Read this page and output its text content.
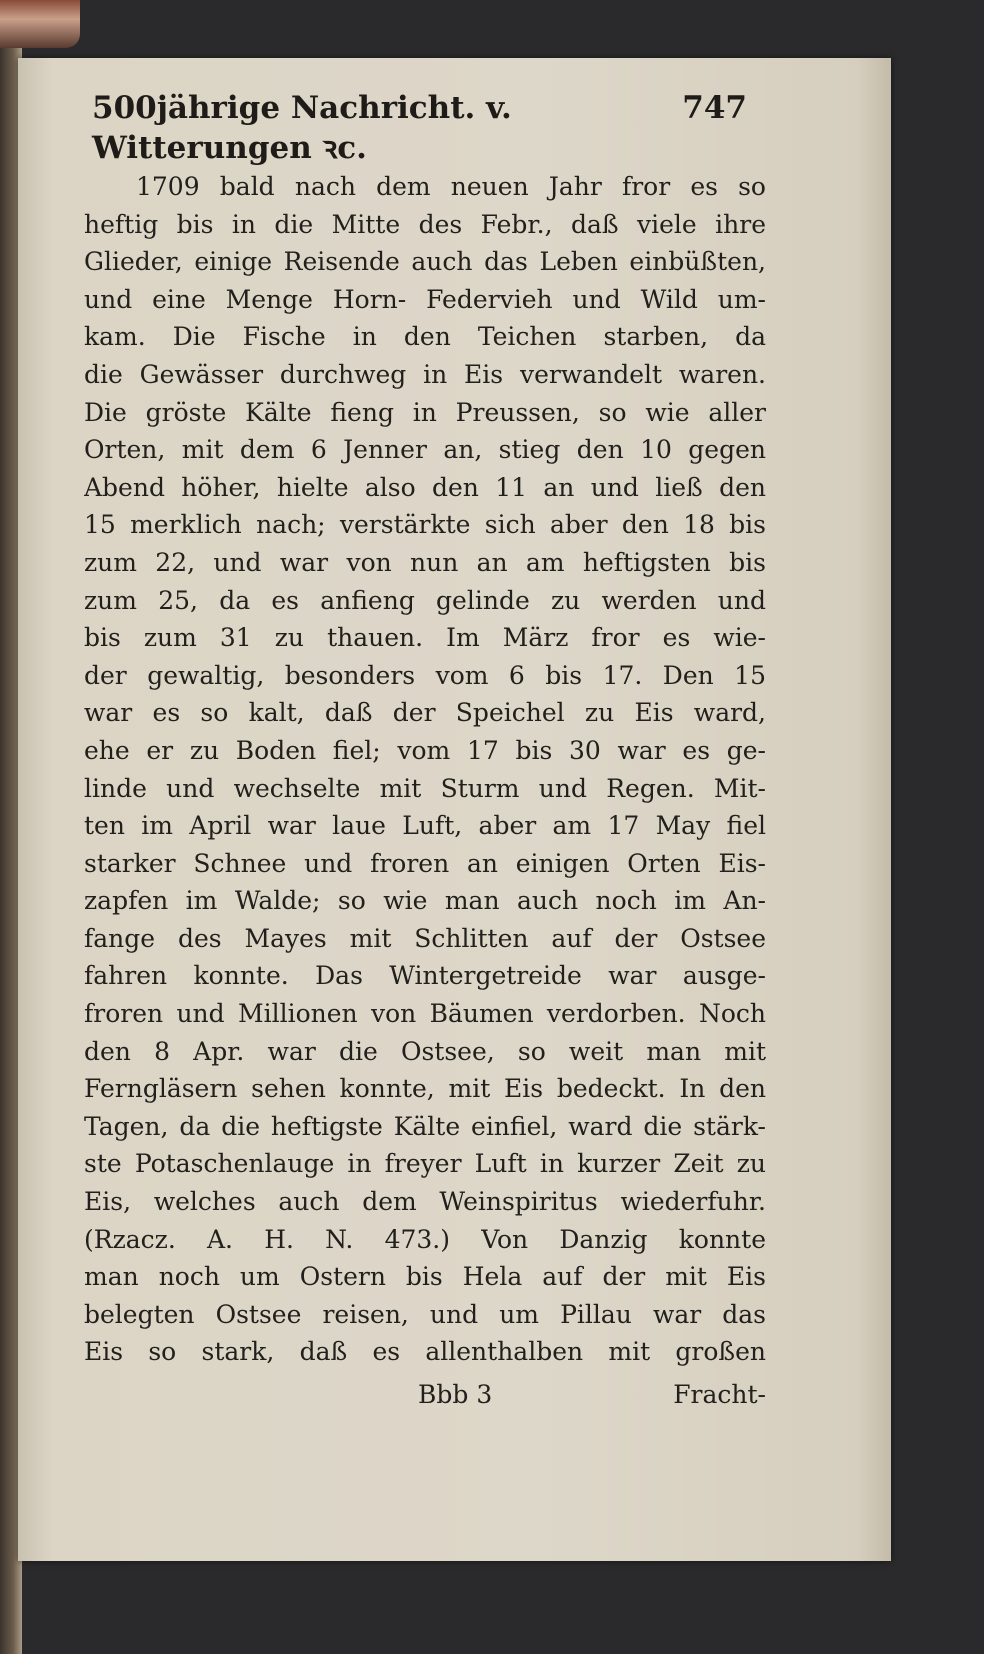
500jährige Nachricht. v. Witterungen ꝛc.
747
1709 bald nach dem neuen Jahr fror es so
heftig bis in die Mitte des Febr., daß viele ihre
Glieder, einige Reisende auch das Leben einbüßten,
und eine Menge Horn- Federvieh und Wild um-
kam. Die Fische in den Teichen starben, da
die Gewässer durchweg in Eis verwandelt waren.
Die gröste Kälte fieng in Preussen, so wie aller
Orten, mit dem 6 Jenner an, stieg den 10 gegen
Abend höher, hielte also den 11 an und ließ den
15 merklich nach; verstärkte sich aber den 18 bis
zum 22, und war von nun an am heftigsten bis
zum 25, da es anfieng gelinde zu werden und
bis zum 31 zu thauen. Im März fror es wie-
der gewaltig, besonders vom 6 bis 17. Den 15
war es so kalt, daß der Speichel zu Eis ward,
ehe er zu Boden fiel; vom 17 bis 30 war es ge-
linde und wechselte mit Sturm und Regen. Mit-
ten im April war laue Luft, aber am 17 May fiel
starker Schnee und froren an einigen Orten Eis-
zapfen im Walde; so wie man auch noch im An-
fange des Mayes mit Schlitten auf der Ostsee
fahren konnte. Das Wintergetreide war ausge-
froren und Millionen von Bäumen verdorben. Noch
den 8 Apr. war die Ostsee, so weit man mit
Ferngläsern sehen konnte, mit Eis bedeckt. In den
Tagen, da die heftigste Kälte einfiel, ward die stärk-
ste Potaschenlauge in freyer Luft in kurzer Zeit zu
Eis, welches auch dem Weinspiritus wiederfuhr.
(Rzacz. A. H. N. 473.) Von Danzig konnte
man noch um Ostern bis Hela auf der mit Eis
belegten Ostsee reisen, und um Pillau war das
Eis so stark, daß es allenthalben mit großen
Bbb 3	Fracht-
